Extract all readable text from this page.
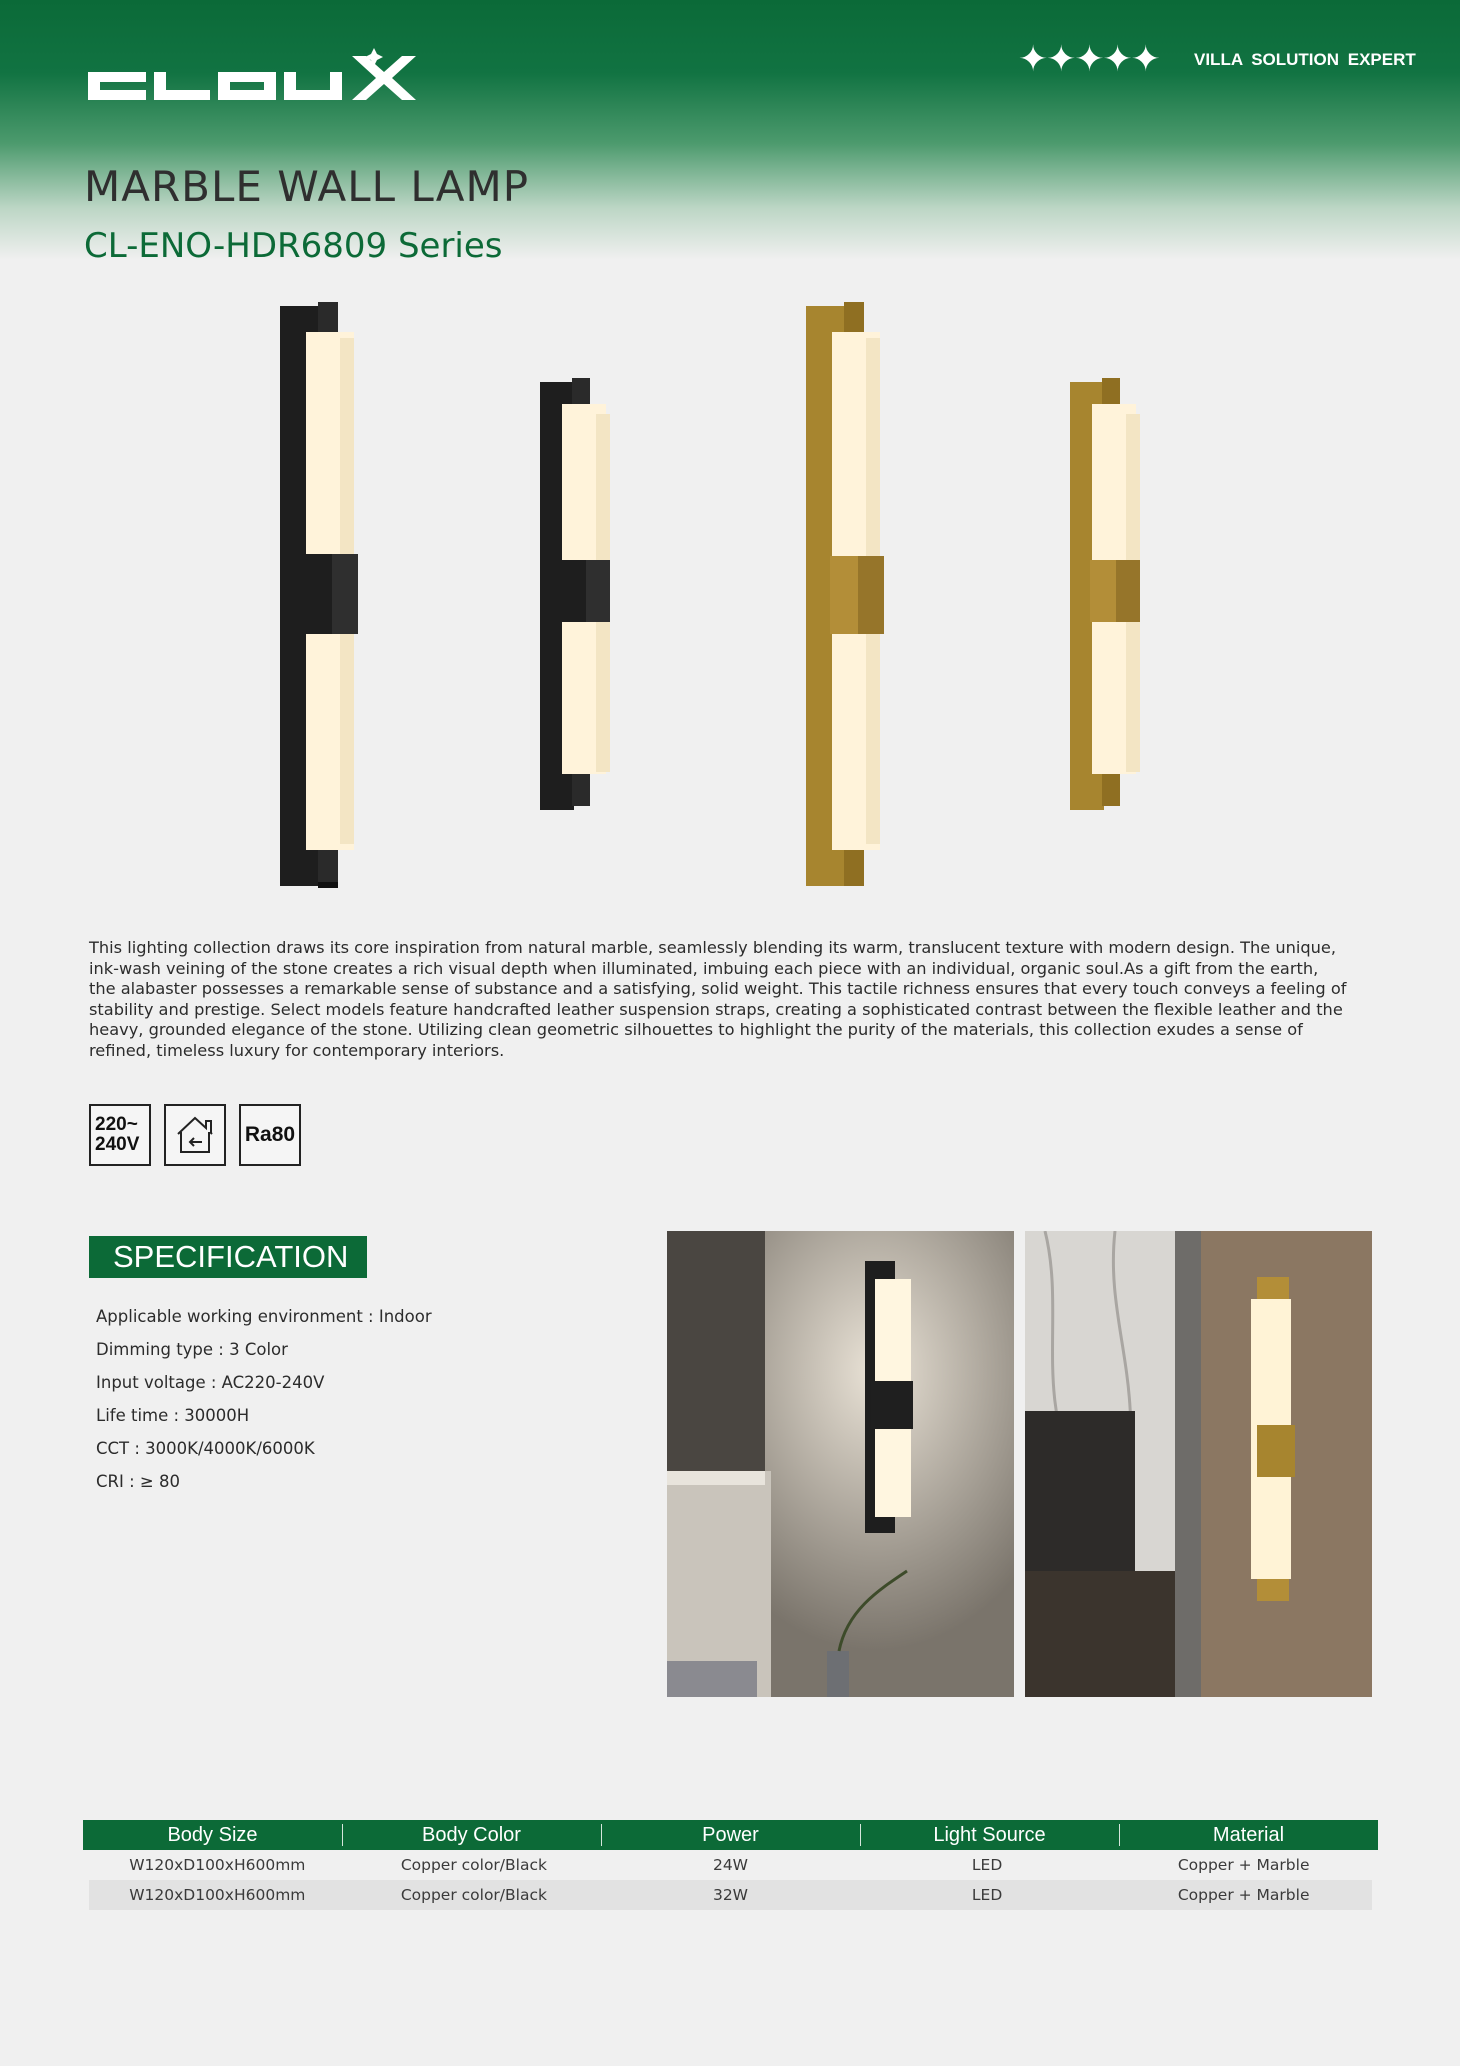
✦✦✦✦✦ VILLA SOLUTION EXPERT
MARBLE WALL LAMP
CL-ENO-HDR6809 Series

This lighting collection draws its core inspiration from natural marble, seamlessly blending its warm, translucent texture with modern design. The unique, ink-wash veining of the stone creates a rich visual depth when illuminated, imbuing each piece with an individual, organic soul.As a gift from the earth, the alabaster possesses a remarkable sense of substance and a satisfying, solid weight. This tactile richness ensures that every touch conveys a feeling of stability and prestige. Select models feature handcrafted leather suspension straps, creating a sophisticated contrast between the flexible leather and the heavy, grounded elegance of the stone. Utilizing clean geometric silhouettes to highlight the purity of the materials, this collection exudes a sense of refined, timeless luxury for contemporary interiors.

220~
240V	Ra80
SPECIFICATION
Applicable working environment : Indoor
Dimming type : 3 Color
Input voltage : AC220-240V
Life time : 30000H
CCT : 3000K/4000K/6000K
CRI : ≥ 80
Body Size	Body Color	Power	Light Source	Material
W120xD100xH600mm	Copper color/Black	24W	LED	Copper + Marble
W120xD100xH600mm	Copper color/Black	32W	LED	Copper + Marble
